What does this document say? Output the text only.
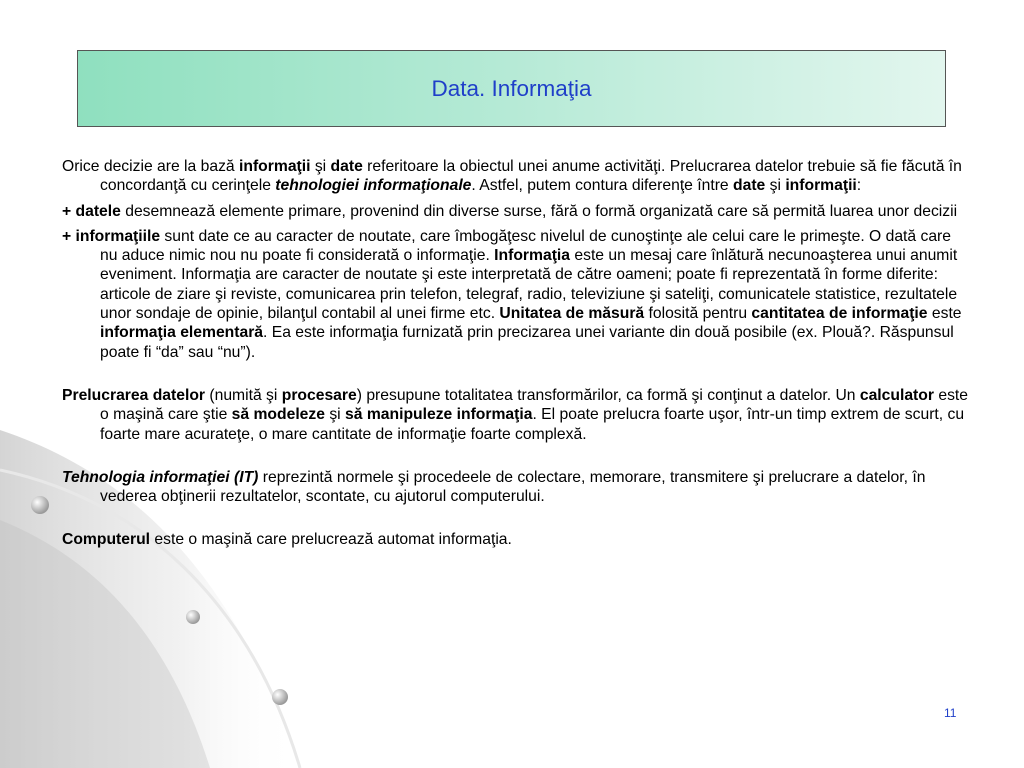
Data. Informaţia

Orice decizie are la bază informaţii şi date referitoare la obiectul unei anume activităţi. Prelucrarea datelor trebuie să fie făcută în concordanţă cu cerinţele tehnologiei informaţionale. Astfel, putem contura diferenţe între date şi informaţii:

+ datele desemnează elemente primare, provenind din diverse surse, fără o formă organizată care să permită luarea unor decizii

+ informaţiile sunt date ce au caracter de noutate, care îmbogăţesc nivelul de cunoştinţe ale celui care le primeşte. O dată care nu aduce nimic nou nu poate fi considerată o informaţie. Informaţia este un mesaj care înlătură necunoaşterea unui anumit eveniment. Informaţia are caracter de noutate şi este interpretată de către oameni; poate fi reprezentată în forme diferite: articole de ziare şi reviste, comunicarea prin telefon, telegraf, radio, televiziune şi sateliţi, comunicatele statistice, rezultatele unor sondaje de opinie, bilanţul contabil al unei firme etc. Unitatea de măsură folosită pentru cantitatea de informaţie este informaţia elementară. Ea este informaţia furnizată prin precizarea unei variante din două posibile (ex. Plouă?. Răspunsul poate fi “da” sau “nu”).

Prelucrarea datelor (numită şi procesare) presupune totalitatea transformărilor, ca formă şi conţinut a datelor. Un calculator este o maşină care ştie să modeleze şi să manipuleze informaţia. El poate prelucra foarte uşor, într-un timp extrem de scurt, cu foarte mare acurateţe, o mare cantitate de informaţie foarte complexă.

Tehnologia informaţiei (IT) reprezintă normele şi procedeele de colectare, memorare, transmitere şi prelucrare a datelor, în vederea obţinerii rezultatelor, scontate, cu ajutorul computerului.

Computerul este o maşină care prelucrează automat informaţia.

11
